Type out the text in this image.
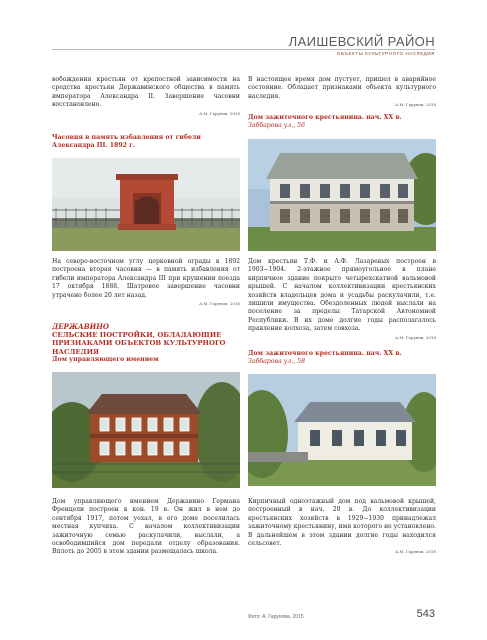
ЛАИШЕВСКИЙ РАЙОН
ОБЪЕКТЫ КУЛЬТУРНОГО НАСЛЕДИЯ

вобождения крестьян от крепостной зависимости на средства крестьян Державинского общества в память императора Александра II. Завершение часовни восстановлено.

А.М. Гарунов, 2018

Часовня в память избавления от гибели Александра III. 1892 г.

На северо-восточном углу церковной ограды в 1892 построена вторая часовня — в память избавления от гибели императора Александра III при крушении поезда 17 октября 1888. Шатровое завершение часовни утрачено более 20 лет назад.

А.М. Гарунов, 2018

ДЕРЖАВИНО

СЕЛЬСКИЕ ПОСТРОЙКИ, ОБЛАДАЮЩИЕ ПРИЗНАКАМИ ОБЪЕКТОВ КУЛЬТУРНОГО НАСЛЕДИЯ

Дом управляющего имением

Дом управляющего имением Державино Германа Френцели построен в кон. 19 в. Он жил в нем до сентября 1917, потом уехал, в его доме поселилась местная купчиха. С началом коллективизации зажиточную семью раскулачили, выслали, а освободившийся дом передали отделу образования. Вплоть до 2005 в этом здании размещалась школа.

В настоящее время дом пустует, пришел в аварийное состояние. Обладает признаками объекта культурного наследия.

А.М. Гарунов, 2018

Дом зажиточного крестьянина. нач. XX в.

Заббарова ул., 56

Дом крестьян Т.Ф. и А.Ф. Лазаревых построен в 1903−1904. 2-этажное прямоугольное в плане кирпичное здание покрыто четырехскатной вальмовой крышей. С началом коллективизации крестьянских хозяйств владельцев дома и усадьбы раскулачили, т.е. лишили имущества. Обездоленных людей выслали на поселение за пределы Татарской Автономной Республики. В их доме долгие годы располагалось правление колхоза, затем совхоза.

А.М. Гарунов, 2018

Дом зажиточного крестьянина. нач. XX в.

Заббарова ул., 58

Кирпичный одноэтажный дом под вальмовой крышей, построенный в нач. 20 в. До коллективизации крестьянских хозяйств в 1929−1930 принадлежал зажиточному крестьянину, имя которого не установлено. В дальнейшем в этом здании долгие годы находился сельсовет.

А.М. Гарунов, 2018

Фото: А. Гарунова, 2015	543
